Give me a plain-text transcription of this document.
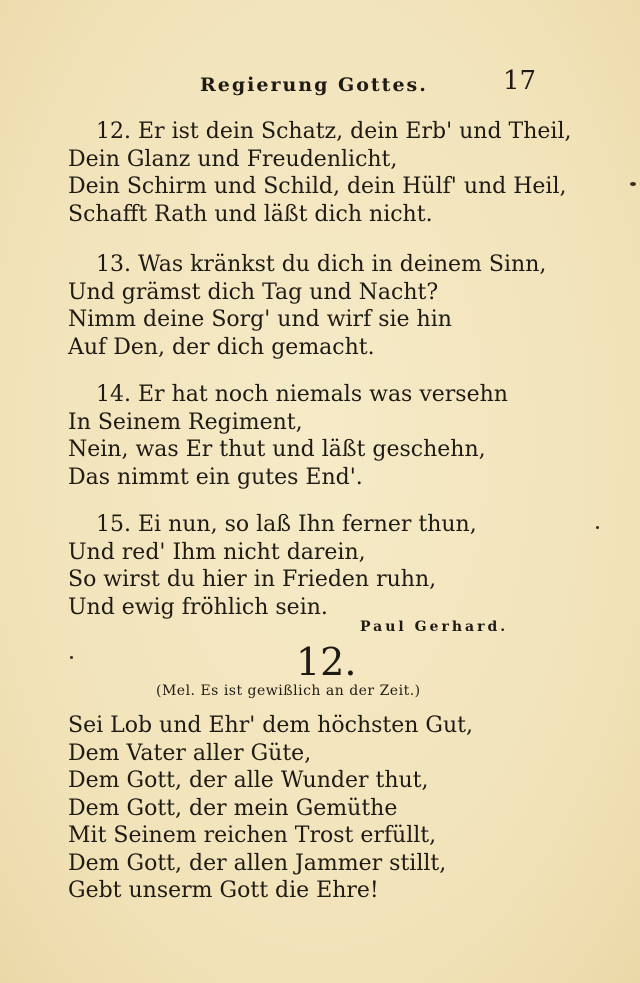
Regierung Gottes.	17
12. Er ist dein Schatz, dein Erb' und Theil,
Dein Glanz und Freudenlicht,
Dein Schirm und Schild, dein Hülf' und Heil,
Schafft Rath und läßt dich nicht.
13. Was kränkst du dich in deinem Sinn,
Und grämst dich Tag und Nacht?
Nimm deine Sorg' und wirf sie hin
Auf Den, der dich gemacht.
14. Er hat noch niemals was versehn
In Seinem Regiment,
Nein, was Er thut und läßt geschehn,
Das nimmt ein gutes End'.
15. Ei nun, so laß Ihn ferner thun,
Und red' Ihm nicht darein,
So wirst du hier in Frieden ruhn,
Und ewig fröhlich sein.
Paul Gerhard.
12.
(Mel. Es ist gewißlich an der Zeit.)
Sei Lob und Ehr' dem höchsten Gut,
Dem Vater aller Güte,
Dem Gott, der alle Wunder thut,
Dem Gott, der mein Gemüthe
Mit Seinem reichen Trost erfüllt,
Dem Gott, der allen Jammer stillt,
Gebt unserm Gott die Ehre!
